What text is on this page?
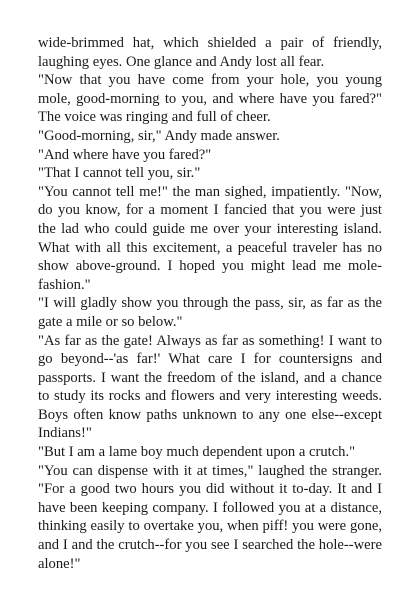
wide-brimmed hat, which shielded a pair of friendly, laughing eyes. One glance and Andy lost all fear.

"Now that you have come from your hole, you young mole, good-morning to you, and where have you fared?" The voice was ringing and full of cheer.

"Good-morning, sir," Andy made answer.

"And where have you fared?"

"That I cannot tell you, sir."

"You cannot tell me!" the man sighed, impatiently. "Now, do you know, for a moment I fancied that you were just the lad who could guide me over your interesting island. What with all this excitement, a peaceful traveler has no show above-ground. I hoped you might lead me mole-fashion."

"I will gladly show you through the pass, sir, as far as the gate a mile or so below."

"As far as the gate! Always as far as something! I want to go beyond--'as far!' What care I for countersigns and passports. I want the freedom of the island, and a chance to study its rocks and flowers and very interesting weeds. Boys often know paths unknown to any one else--except Indians!"

"But I am a lame boy much dependent upon a crutch."

"You can dispense with it at times," laughed the stranger. "For a good two hours you did without it to-day. It and I have been keeping company. I followed you at a distance, thinking easily to overtake you, when piff! you were gone, and I and the crutch--for you see I searched the hole--were alone!"
